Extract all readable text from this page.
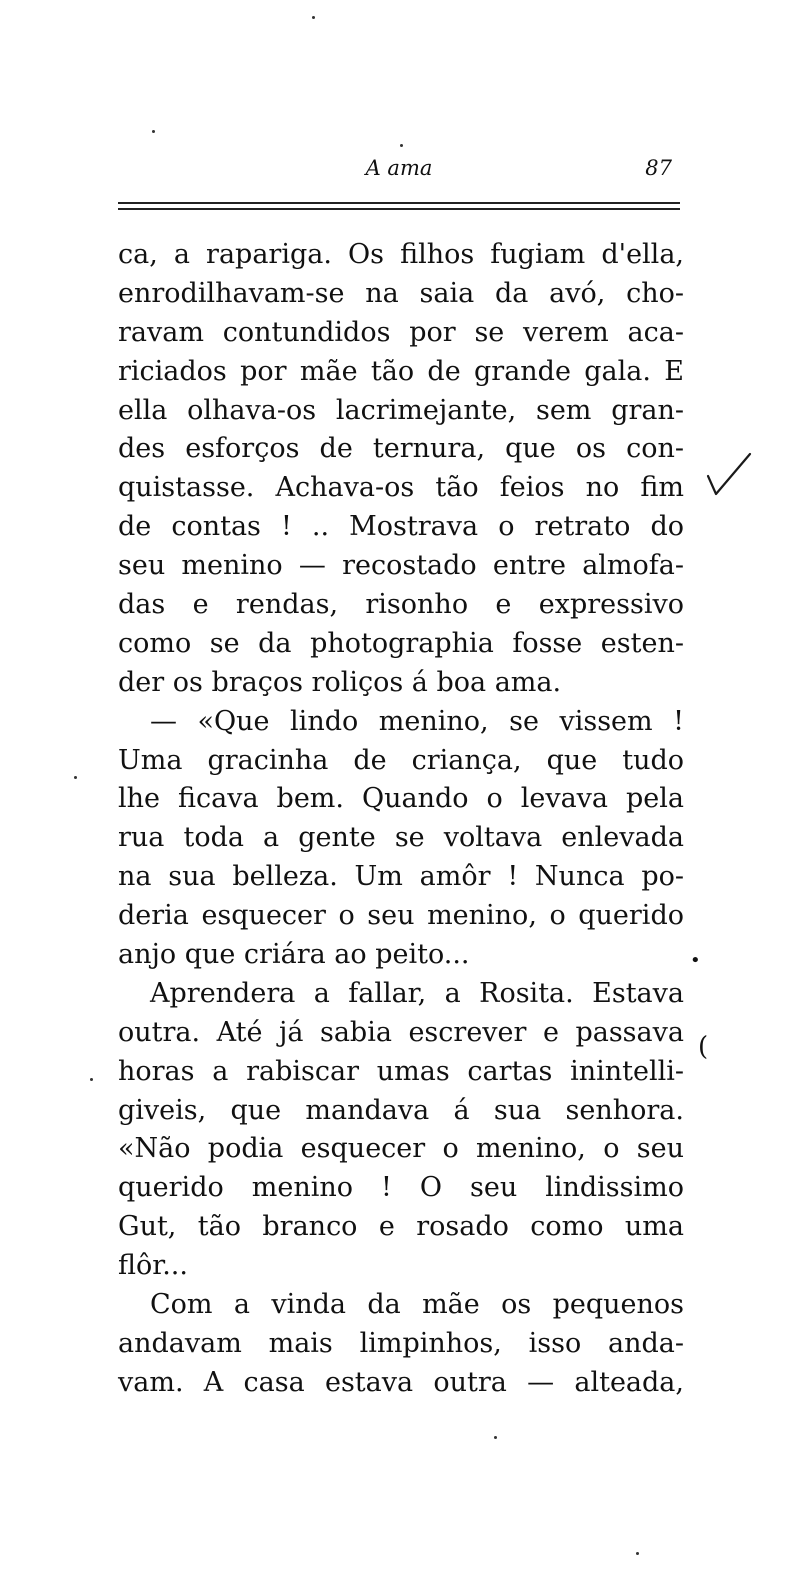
A ama	87
ca, a rapariga. Os filhos fugiam d'ella,
enrodilhavam-se na saia da avó, cho-
ravam contundidos por se verem aca-
riciados por mãe tão de grande gala. E
ella olhava-os lacrimejante, sem gran-
des esforços de ternura, que os con-
quistasse. Achava-os tão feios no fim
de contas ! .. Mostrava o retrato do
seu menino — recostado entre almofa-
das e rendas, risonho e expressivo
como se da photographia fosse esten-
der os braços roliços á boa ama.
— «Que lindo menino, se vissem !
Uma gracinha de criança, que tudo
lhe ficava bem. Quando o levava pela
rua toda a gente se voltava enlevada
na sua belleza. Um amôr ! Nunca po-
deria esquecer o seu menino, o querido
anjo que criára ao peito...
Aprendera a fallar, a Rosita. Estava
outra. Até já sabia escrever e passava
horas a rabiscar umas cartas inintelli-
giveis, que mandava á sua senhora.
«Não podia esquecer o menino, o seu
querido menino ! O seu lindissimo
Gut, tão branco e rosado como uma
flôr...
Com a vinda da mãe os pequenos
andavam mais limpinhos, isso anda-
vam. A casa estava outra — alteada,
•
(
